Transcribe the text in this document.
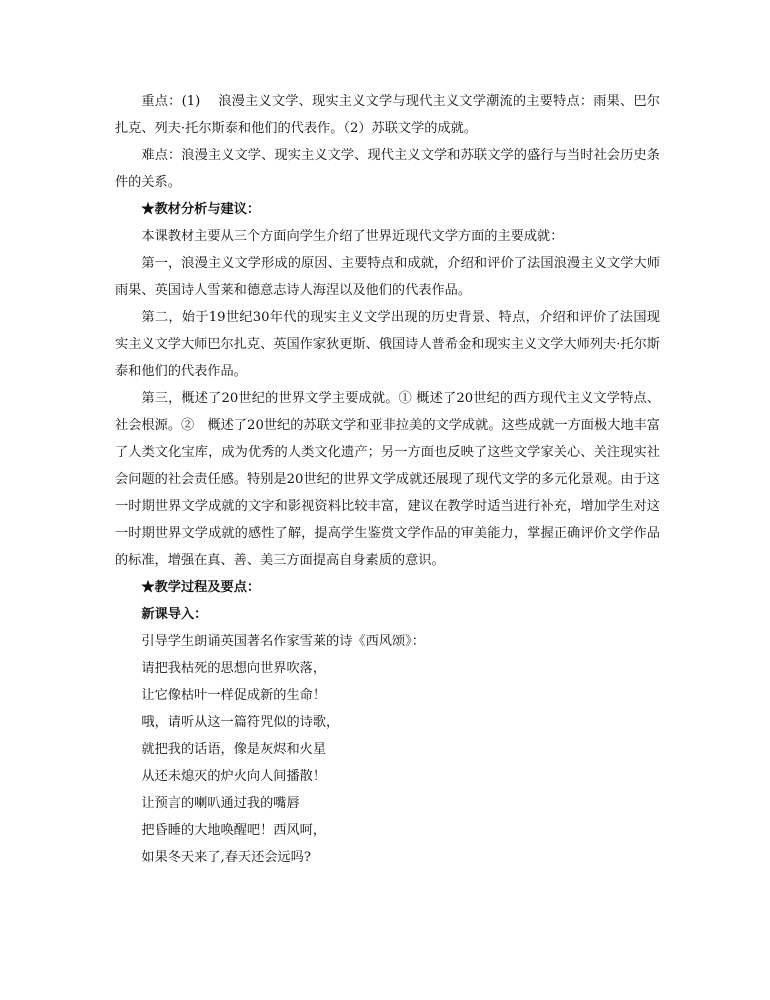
重点：(1)　 浪漫主义文学、现实主义文学与现代主义文学潮流的主要特点：雨果、巴尔扎克、列夫·托尔斯泰和他们的代表作。（2）苏联文学的成就。

难点：浪漫主义文学、现实主义文学、现代主义文学和苏联文学的盛行与当时社会历史条件的关系。

★教材分析与建议：

本课教材主要从三个方面向学生介绍了世界近现代文学方面的主要成就：

第一，浪漫主义文学形成的原因、主要特点和成就，介绍和评价了法国浪漫主义文学大师雨果、英国诗人雪莱和德意志诗人海涅以及他们的代表作品。

第二，始于19世纪30年代的现实主义文学出现的历史背景、特点，介绍和评价了法国现实主义文学大师巴尔扎克、英国作家狄更斯、俄国诗人普希金和现实主义文学大师列夫·托尔斯泰和他们的代表作品。

第三，概述了20世纪的世界文学主要成就。① 概述了20世纪的西方现代主义文学特点、社会根源。②　概述了20世纪的苏联文学和亚非拉美的文学成就。这些成就一方面极大地丰富了人类文化宝库，成为优秀的人类文化遗产；另一方面也反映了这些文学家关心、关注现实社会问题的社会责任感。特别是20世纪的世界文学成就还展现了现代文学的多元化景观。由于这一时期世界文学成就的文字和影视资料比较丰富，建议在教学时适当进行补充，增加学生对这一时期世界文学成就的感性了解，提高学生鉴赏文学作品的审美能力，掌握正确评价文学作品的标准，增强在真、善、美三方面提高自身素质的意识。

★教学过程及要点：

新课导入：

引导学生朗诵英国著名作家雪莱的诗《西风颂》：

请把我枯死的思想向世界吹落，

让它像枯叶一样促成新的生命！

哦，请听从这一篇符咒似的诗歌，

就把我的话语，像是灰烬和火星

从还未熄灭的炉火向人间播散！

让预言的喇叭通过我的嘴唇

把昏睡的大地唤醒吧！西风呵，

如果冬天来了,春天还会远吗?
